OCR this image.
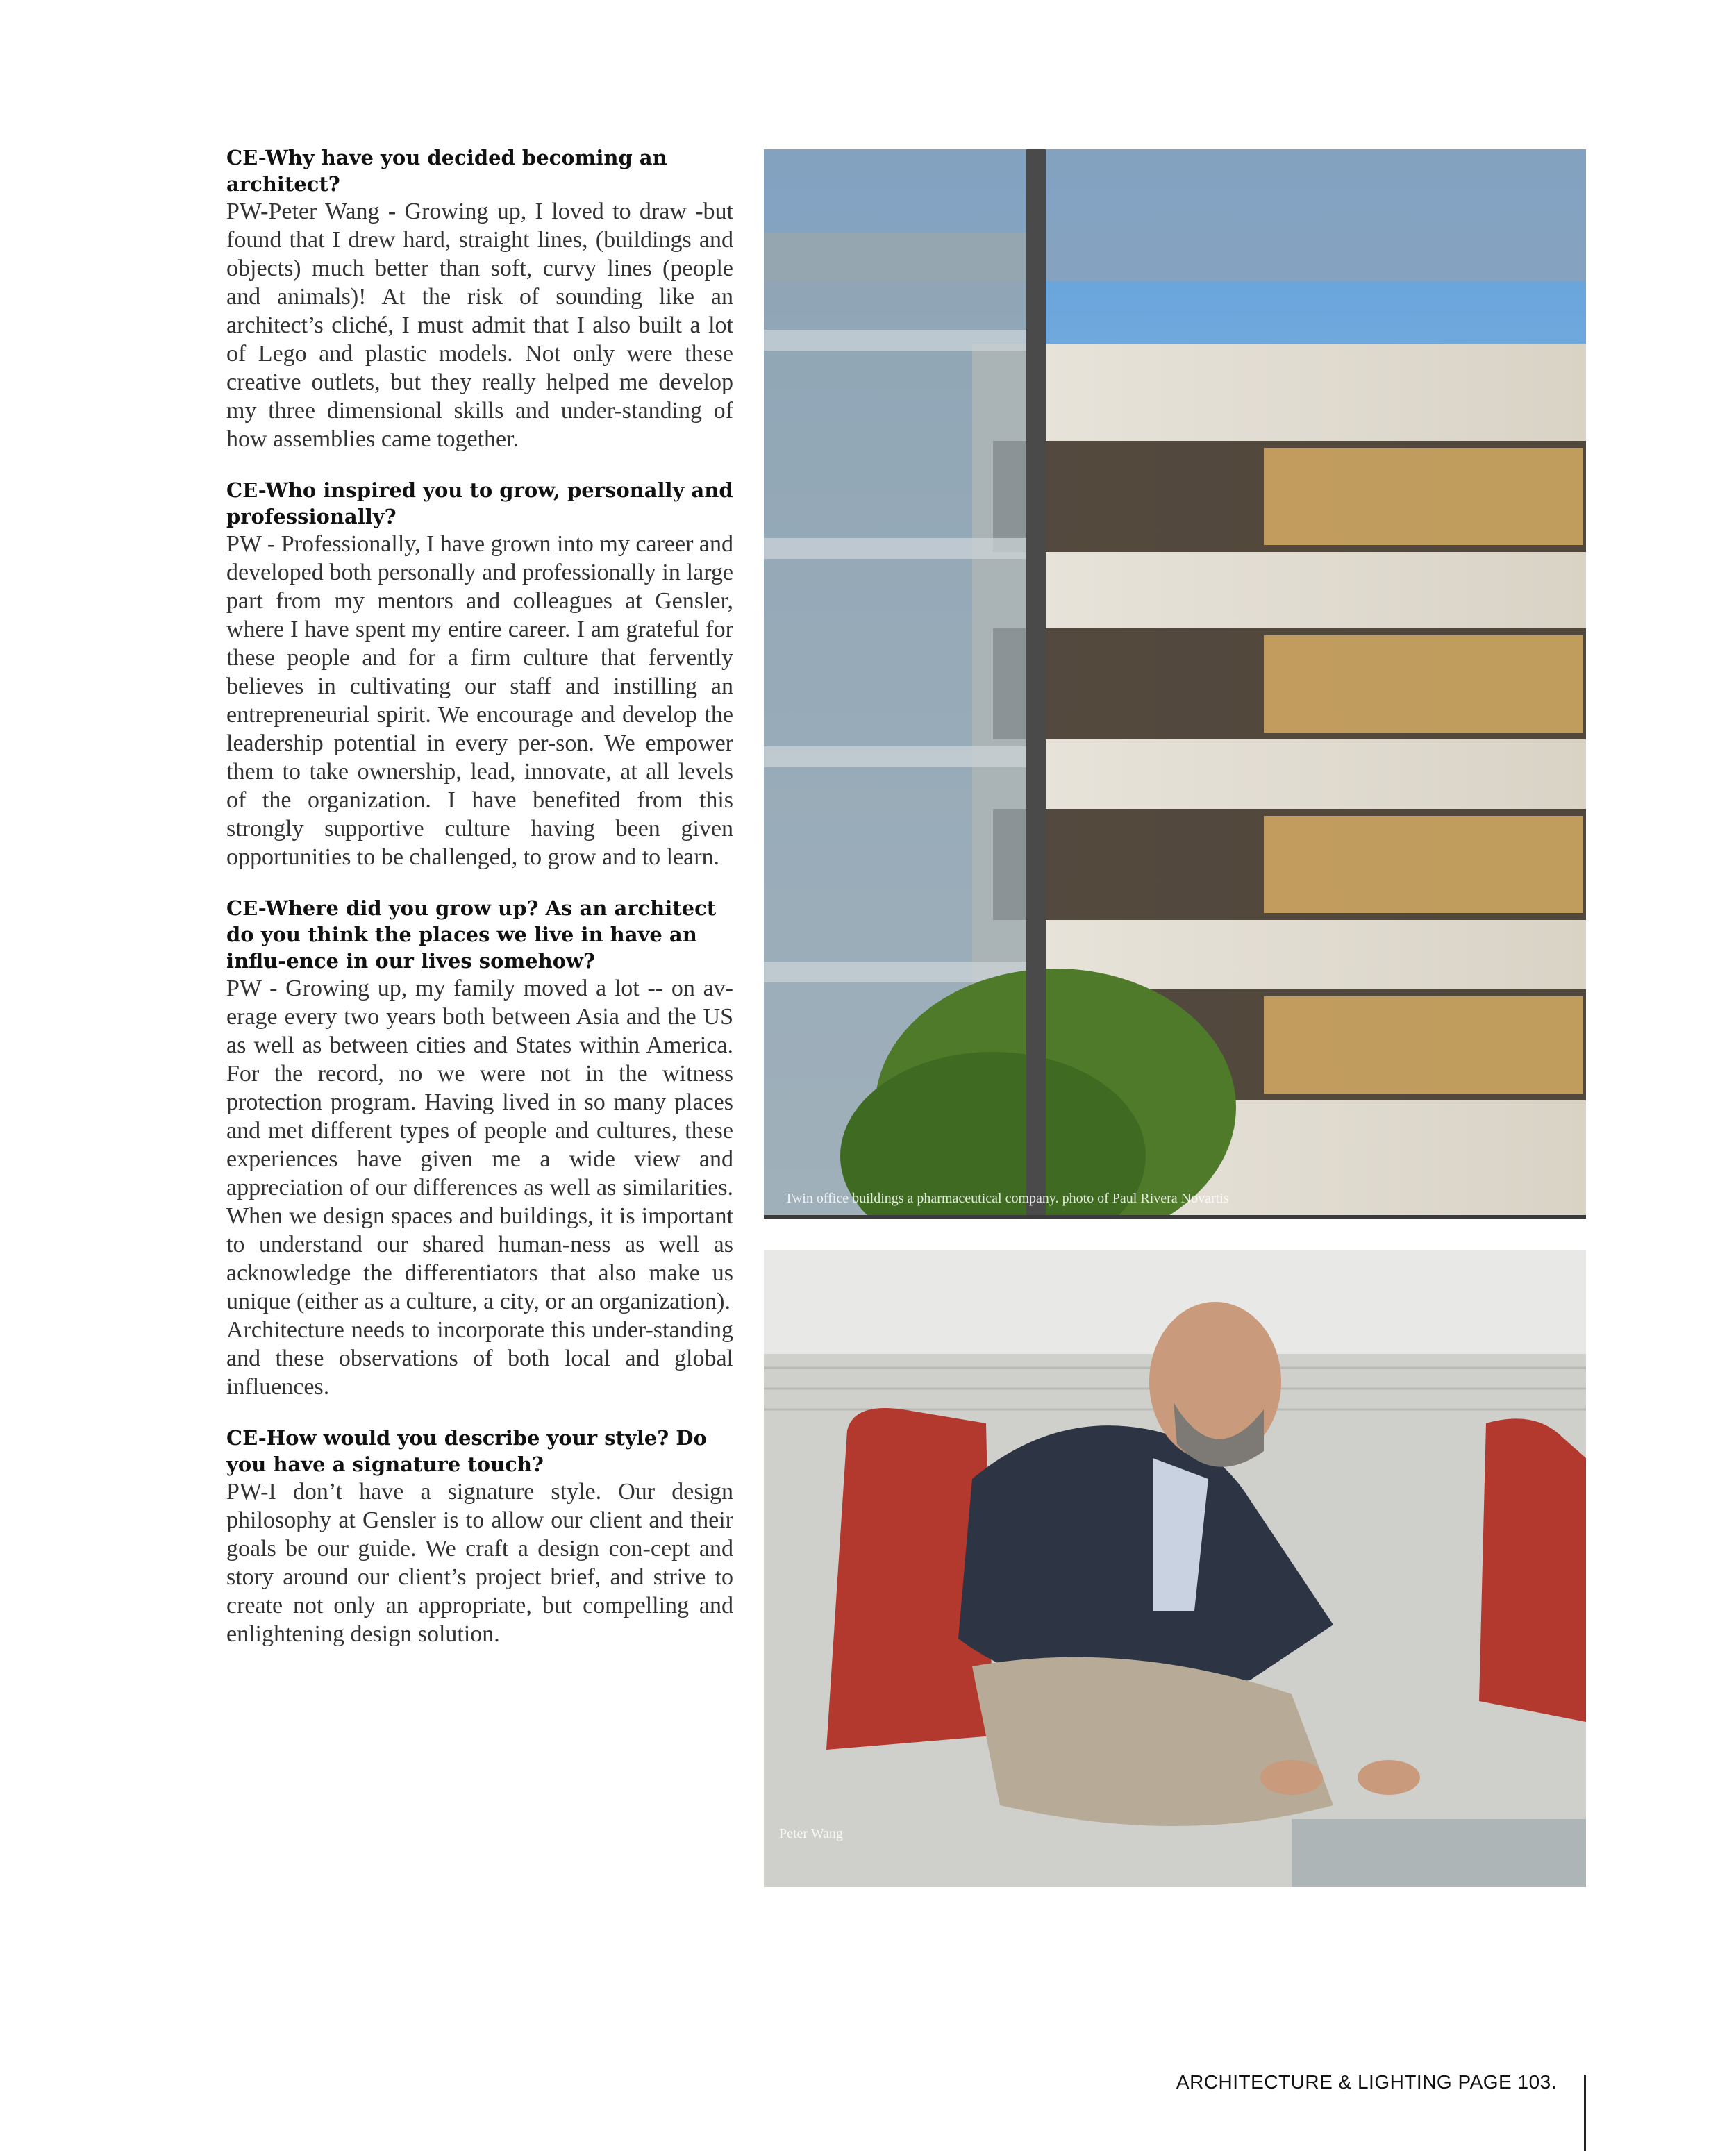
CE-Why have you decided becoming an architect?

PW-Peter Wang - Growing up, I loved to draw -but found that I drew hard, straight lines, (buildings and objects) much better than soft, curvy lines (people and animals)! At the risk of sounding like an architect’s cliché, I must admit that I also built a lot of Lego and plastic models. Not only were these creative outlets, but they really helped me develop my three dimensional skills and under-standing of how assemblies came together.

CE-Who inspired you to grow, personally and professionally?

PW - Professionally, I have grown into my career and developed both personally and professionally in large part from my mentors and colleagues at Gensler, where I have spent my entire career. I am grateful for these people and for a firm culture that fervently believes in cultivating our staff and instilling an entrepreneurial spirit. We encourage and develop the leadership potential in every per-son. We empower them to take ownership, lead, innovate, at all levels of the organization. I have benefited from this strongly supportive culture having been given opportunities to be challenged, to grow and to learn.

CE-Where did you grow up? As an architect do you think the places we live in have an influ-ence in our lives somehow?

PW - Growing up, my family moved a lot -- on av-erage every two years both between Asia and the US as well as between cities and States within America. For the record, no we were not in the witness protection program. Having lived in so many places and met different types of people and cultures, these experiences have given me a wide view and appreciation of our differences as well as similarities. When we design spaces and buildings, it is important to understand our shared human-ness as well as acknowledge the differentiators that also make us unique (either as a culture, a city, or an organization).

Architecture needs to incorporate this under-standing and these observations of both local and global influences.

CE-How would you describe your style? Do you have a signature touch?

PW-I don’t have a signature style. Our design philosophy at Gensler is to allow our client and their goals be our guide. We craft a design con-cept and story around our client’s project brief, and strive to create not only an appropriate, but compelling and enlightening design solution.

Twin office buildings a pharmaceutical company. photo of Paul Rivera Novartis
Peter Wang
ARCHITECTURE & LIGHTING PAGE 103.
